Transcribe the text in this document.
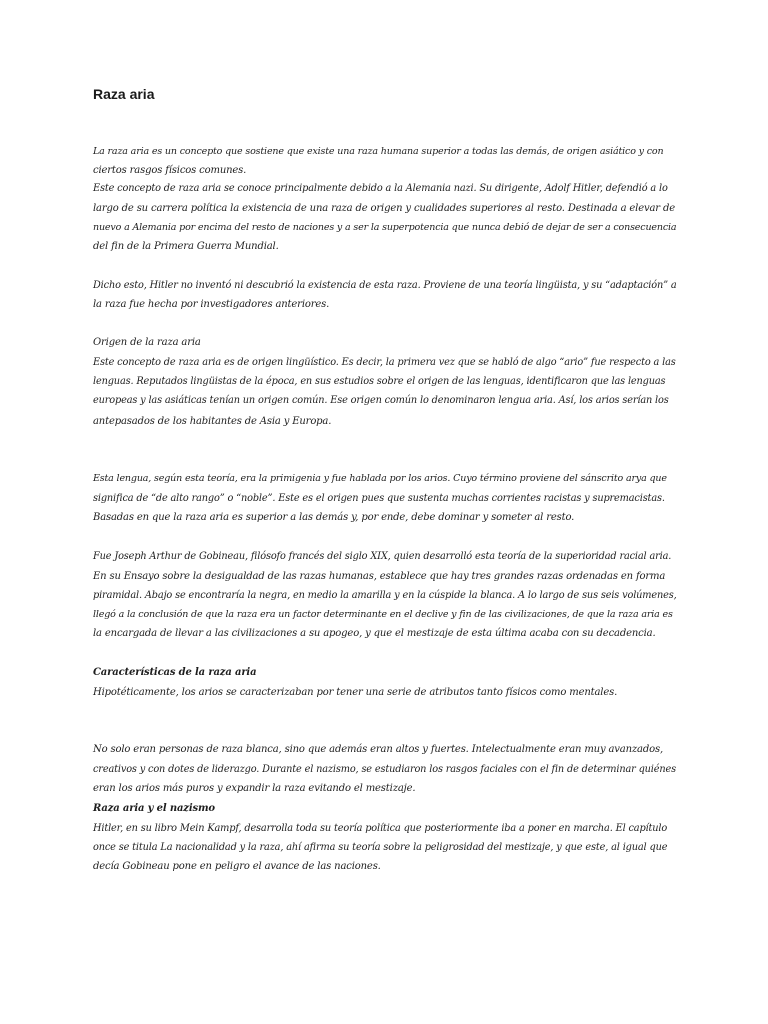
Raza aria

La raza aria es un concepto que sostiene que existe una raza humana superior a todas las demás, de origen asiático y con

ciertos rasgos físicos comunes.

Este concepto de raza aria se conoce principalmente debido a la Alemania nazi. Su dirigente, Adolf Hitler, defendió a lo

largo de su carrera política la existencia de una raza de origen y cualidades superiores al resto. Destinada a elevar de

nuevo a Alemania por encima del resto de naciones y a ser la superpotencia que nunca debió de dejar de ser a consecuencia

del fin de la Primera Guerra Mundial.

Dicho esto, Hitler no inventó ni descubrió la existencia de esta raza. Proviene de una teoría lingüista, y su “adaptación” a

la raza fue hecha por investigadores anteriores.

Origen de la raza aria

Este concepto de raza aria es de origen lingüístico. Es decir, la primera vez que se habló de algo “ario” fue respecto a las

lenguas. Reputados lingüistas de la época, en sus estudios sobre el origen de las lenguas, identificaron que las lenguas

europeas y las asiáticas tenían un origen común. Ese origen común lo denominaron lengua aria. Así, los arios serían los

antepasados de los habitantes de Asia y Europa.

Esta lengua, según esta teoría, era la primigenia y fue hablada por los arios. Cuyo término proviene del sánscrito arya que

significa de “de alto rango” o “noble”. Este es el origen pues que sustenta muchas corrientes racistas y supremacistas.

Basadas en que la raza aria es superior a las demás y, por ende, debe dominar y someter al resto.

Fue Joseph Arthur de Gobineau, filósofo francés del siglo XIX, quien desarrolló esta teoría de la superioridad racial aria.

En su Ensayo sobre la desigualdad de las razas humanas, establece que hay tres grandes razas ordenadas en forma

piramidal. Abajo se encontraría la negra, en medio la amarilla y en la cúspide la blanca. A lo largo de sus seis volúmenes,

llegó a la conclusión de que la raza era un factor determinante en el declive y fin de las civilizaciones, de que la raza aria es

la encargada de llevar a las civilizaciones a su apogeo, y que el mestizaje de esta última acaba con su decadencia.

Características de la raza aria

Hipotéticamente, los arios se caracterizaban por tener una serie de atributos tanto físicos como mentales.

No solo eran personas de raza blanca, sino que además eran altos y fuertes. Intelectualmente eran muy avanzados,

creativos y con dotes de liderazgo. Durante el nazismo, se estudiaron los rasgos faciales con el fin de determinar quiénes

eran los arios más puros y expandir la raza evitando el mestizaje.

Raza aria y el nazismo

Hitler, en su libro Mein Kampf, desarrolla toda su teoría política que posteriormente iba a poner en marcha. El capítulo

once se titula La nacionalidad y la raza, ahí afirma su teoría sobre la peligrosidad del mestizaje, y que este, al igual que

decía Gobineau pone en peligro el avance de las naciones.
